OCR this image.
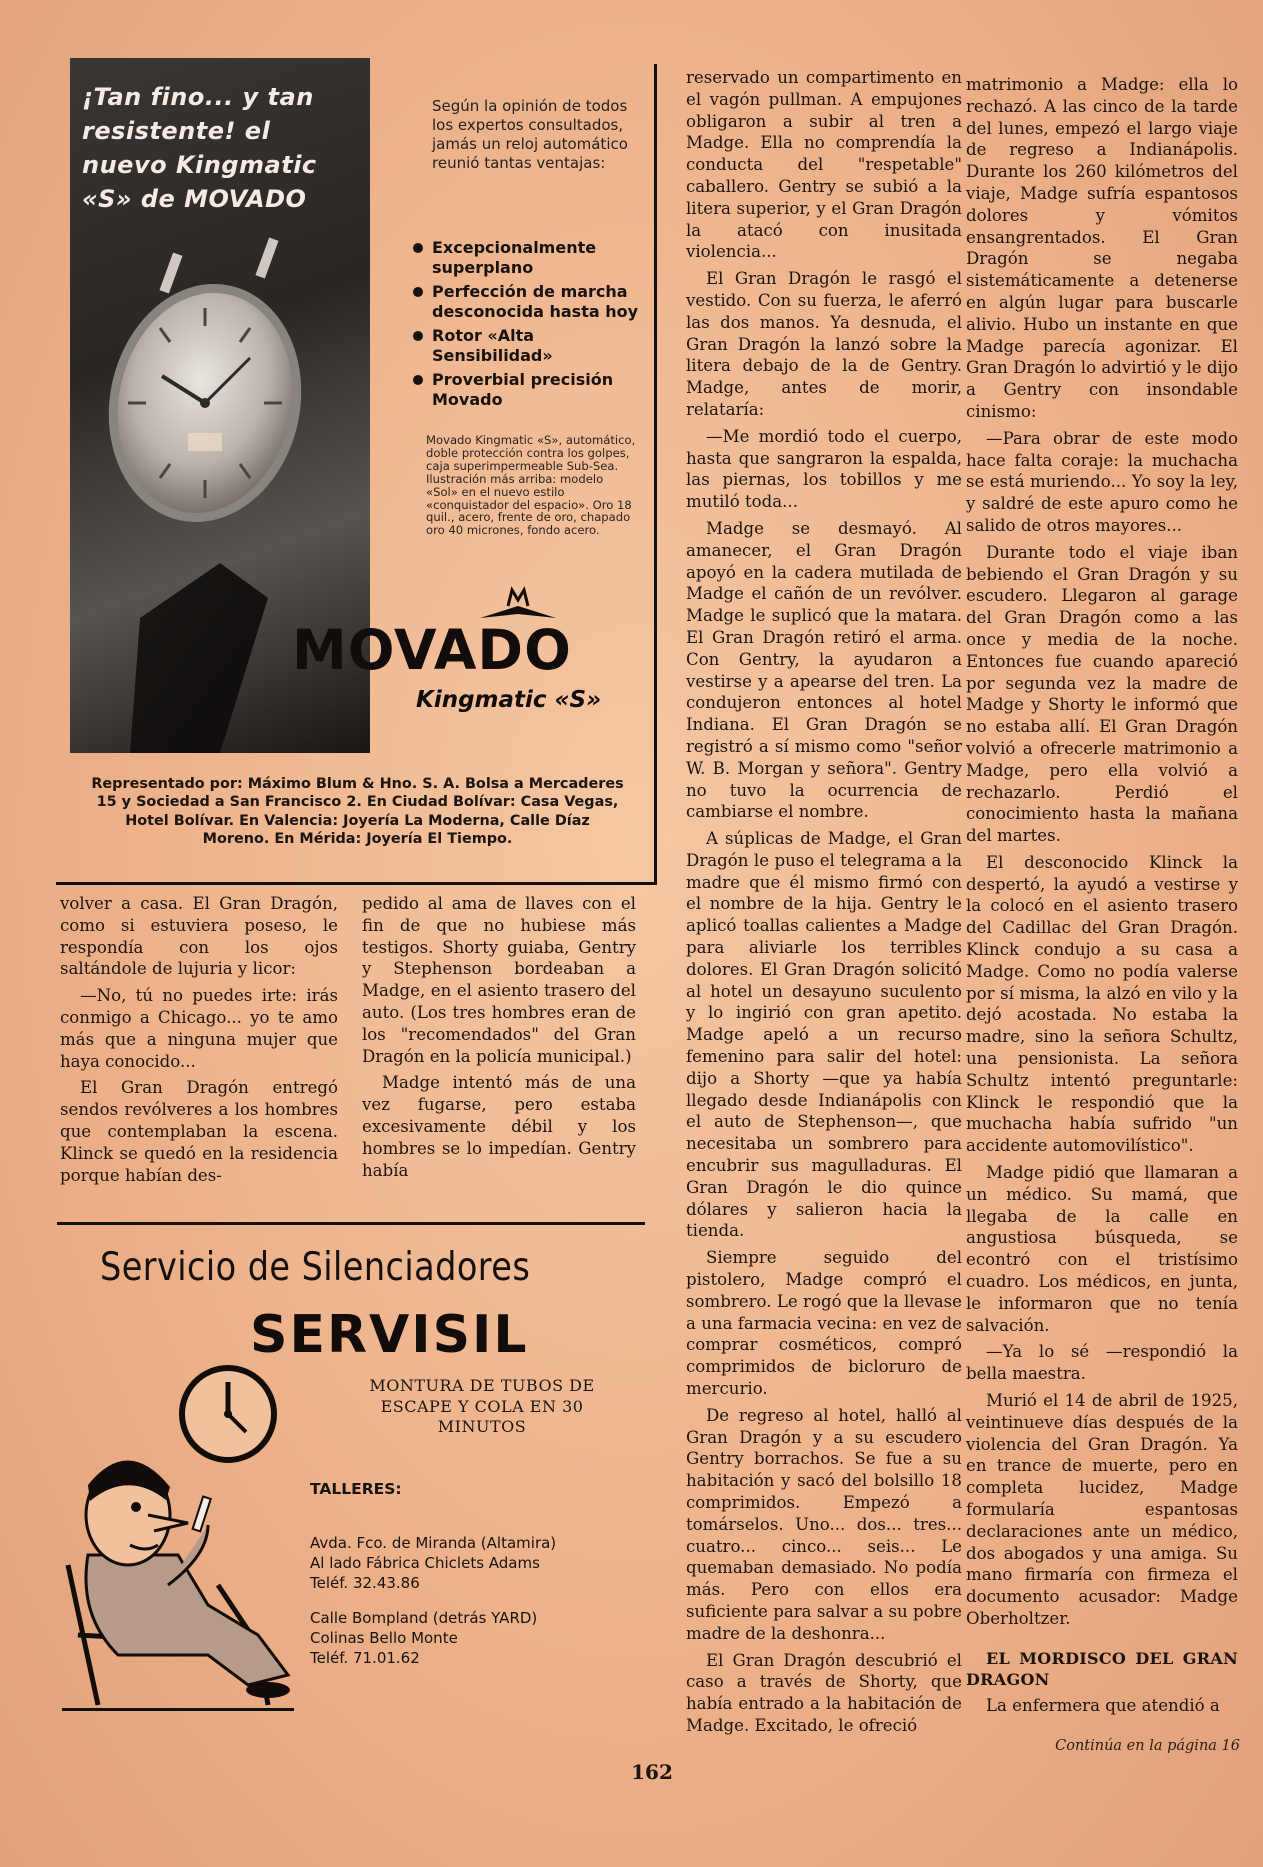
¡Tan fino... y tan resistente! el nuevo Kingmatic «S» de MOVADO
Según la opinión de todos los expertos consultados, jamás un reloj automático reunió tantas ventajas:
Excepcionalmente superplano
Perfección de marcha desconocida hasta hoy
Rotor «Alta Sensibilidad»
Proverbial precisión Movado
Movado Kingmatic «S», automático, doble protección contra los golpes, caja superimpermeable Sub-Sea. Ilustración más arriba: modelo «Sol» en el nuevo estilo «conquistador del espacio». Oro 18 quil., acero, frente de oro, chapado oro 40 micrones, fondo acero.
MOVADO
Kingmatic «S»
Representado por: Máximo Blum & Hno. S. A. Bolsa a Mercaderes 15 y Sociedad a San Francisco 2. En Ciudad Bolívar: Casa Vegas, Hotel Bolívar. En Valencia: Joyería La Moderna, Calle Díaz Moreno. En Mérida: Joyería El Tiempo.

volver a casa. El Gran Dragón, como si estuviera poseso, le respondía con los ojos saltándole de lujuria y licor:

—No, tú no puedes irte: irás conmigo a Chicago... yo te amo más que a ninguna mujer que haya conocido...

El Gran Dragón entregó sendos revólveres a los hombres que contemplaban la escena. Klinck se quedó en la residencia porque habían des-

pedido al ama de llaves con el fin de que no hubiese más testigos. Shorty guiaba, Gentry y Stephenson bordeaban a Madge, en el asiento trasero del auto. (Los tres hombres eran de los "recomendados" del Gran Dragón en la policía municipal.)

Madge intentó más de una vez fugarse, pero estaba excesivamente débil y los hombres se lo impedían. Gentry había

reservado un compartimento en el vagón pullman. A empujones obligaron a subir al tren a Madge. Ella no comprendía la conducta del "respetable" caballero. Gentry se subió a la litera superior, y el Gran Dragón la atacó con inusitada violencia...

El Gran Dragón le rasgó el vestido. Con su fuerza, le aferró las dos manos. Ya desnuda, el Gran Dragón la lanzó sobre la litera debajo de la de Gentry. Madge, antes de morir, relataría:

—Me mordió todo el cuerpo, hasta que sangraron la espalda, las piernas, los tobillos y me mutiló toda...

Madge se desmayó. Al amanecer, el Gran Dragón apoyó en la cadera mutilada de Madge el cañón de un revólver. Madge le suplicó que la matara. El Gran Dragón retiró el arma. Con Gentry, la ayudaron a vestirse y a apearse del tren. La condujeron entonces al hotel Indiana. El Gran Dragón se registró a sí mismo como "señor W. B. Morgan y señora". Gentry no tuvo la ocurrencia de cambiarse el nombre.

A súplicas de Madge, el Gran Dragón le puso el telegrama a la madre que él mismo firmó con el nombre de la hija. Gentry le aplicó toallas calientes a Madge para aliviarle los terribles dolores. El Gran Dragón solicitó al hotel un desayuno suculento y lo ingirió con gran apetito. Madge apeló a un recurso femenino para salir del hotel: dijo a Shorty —que ya había llegado desde Indianápolis con el auto de Stephenson—, que necesitaba un sombrero para encubrir sus magulladuras. El Gran Dragón le dio quince dólares y salieron hacia la tienda.

Siempre seguido del pistolero, Madge compró el sombrero. Le rogó que la llevase a una farmacia vecina: en vez de comprar cosméticos, compró comprimidos de bicloruro de mercurio.

De regreso al hotel, halló al Gran Dragón y a su escudero Gentry borrachos. Se fue a su habitación y sacó del bolsillo 18 comprimidos. Empezó a tomárselos. Uno... dos... tres... cuatro... cinco... seis... Le quemaban demasiado. No podía más. Pero con ellos era suficiente para salvar a su pobre madre de la deshonra...

El Gran Dragón descubrió el caso a través de Shorty, que había entrado a la habitación de Madge. Excitado, le ofreció

matrimonio a Madge: ella lo rechazó. A las cinco de la tarde del lunes, empezó el largo viaje de regreso a Indianápolis. Durante los 260 kilómetros del viaje, Madge sufría espantosos dolores y vómitos ensangrentados. El Gran Dragón se negaba sistemáticamente a detenerse en algún lugar para buscarle alivio. Hubo un instante en que Madge parecía agonizar. El Gran Dragón lo advirtió y le dijo a Gentry con insondable cinismo:

—Para obrar de este modo hace falta coraje: la muchacha se está muriendo... Yo soy la ley, y saldré de este apuro como he salido de otros mayores...

Durante todo el viaje iban bebiendo el Gran Dragón y su escudero. Llegaron al garage del Gran Dragón como a las once y media de la noche. Entonces fue cuando apareció por segunda vez la madre de Madge y Shorty le informó que no estaba allí. El Gran Dragón volvió a ofrecerle matrimonio a Madge, pero ella volvió a rechazarlo. Perdió el conocimiento hasta la mañana del martes.

El desconocido Klinck la despertó, la ayudó a vestirse y la colocó en el asiento trasero del Cadillac del Gran Dragón. Klinck condujo a su casa a Madge. Como no podía valerse por sí misma, la alzó en vilo y la dejó acostada. No estaba la madre, sino la señora Schultz, una pensionista. La señora Schultz intentó preguntarle: Klinck le respondió que la muchacha había sufrido "un accidente automovilístico".

Madge pidió que llamaran a un médico. Su mamá, que llegaba de la calle en angustiosa búsqueda, se econtró con el tristísimo cuadro. Los médicos, en junta, le informaron que no tenía salvación.

—Ya lo sé —respondió la bella maestra.

Murió el 14 de abril de 1925, veintinueve días después de la violencia del Gran Dragón. Ya en trance de muerte, pero en completa lucidez, Madge formularía espantosas declaraciones ante un médico, dos abogados y una amiga. Su mano firmaría con firmeza el documento acusador: Madge Oberholtzer.

EL MORDISCO DEL GRAN DRAGON

La enfermera que atendió a

Servicio de Silenciadores
SERVISIL
MONTURA DE TUBOS DE ESCAPE Y COLA EN 30 MINUTOS
TALLERES:
Avda. Fco. de Miranda (Altamira)
Al lado Fábrica Chiclets Adams
Teléf. 32.43.86
Calle Bompland (detrás YARD)
Colinas Bello Monte
Teléf. 71.01.62
Continúa en la página 16
162
